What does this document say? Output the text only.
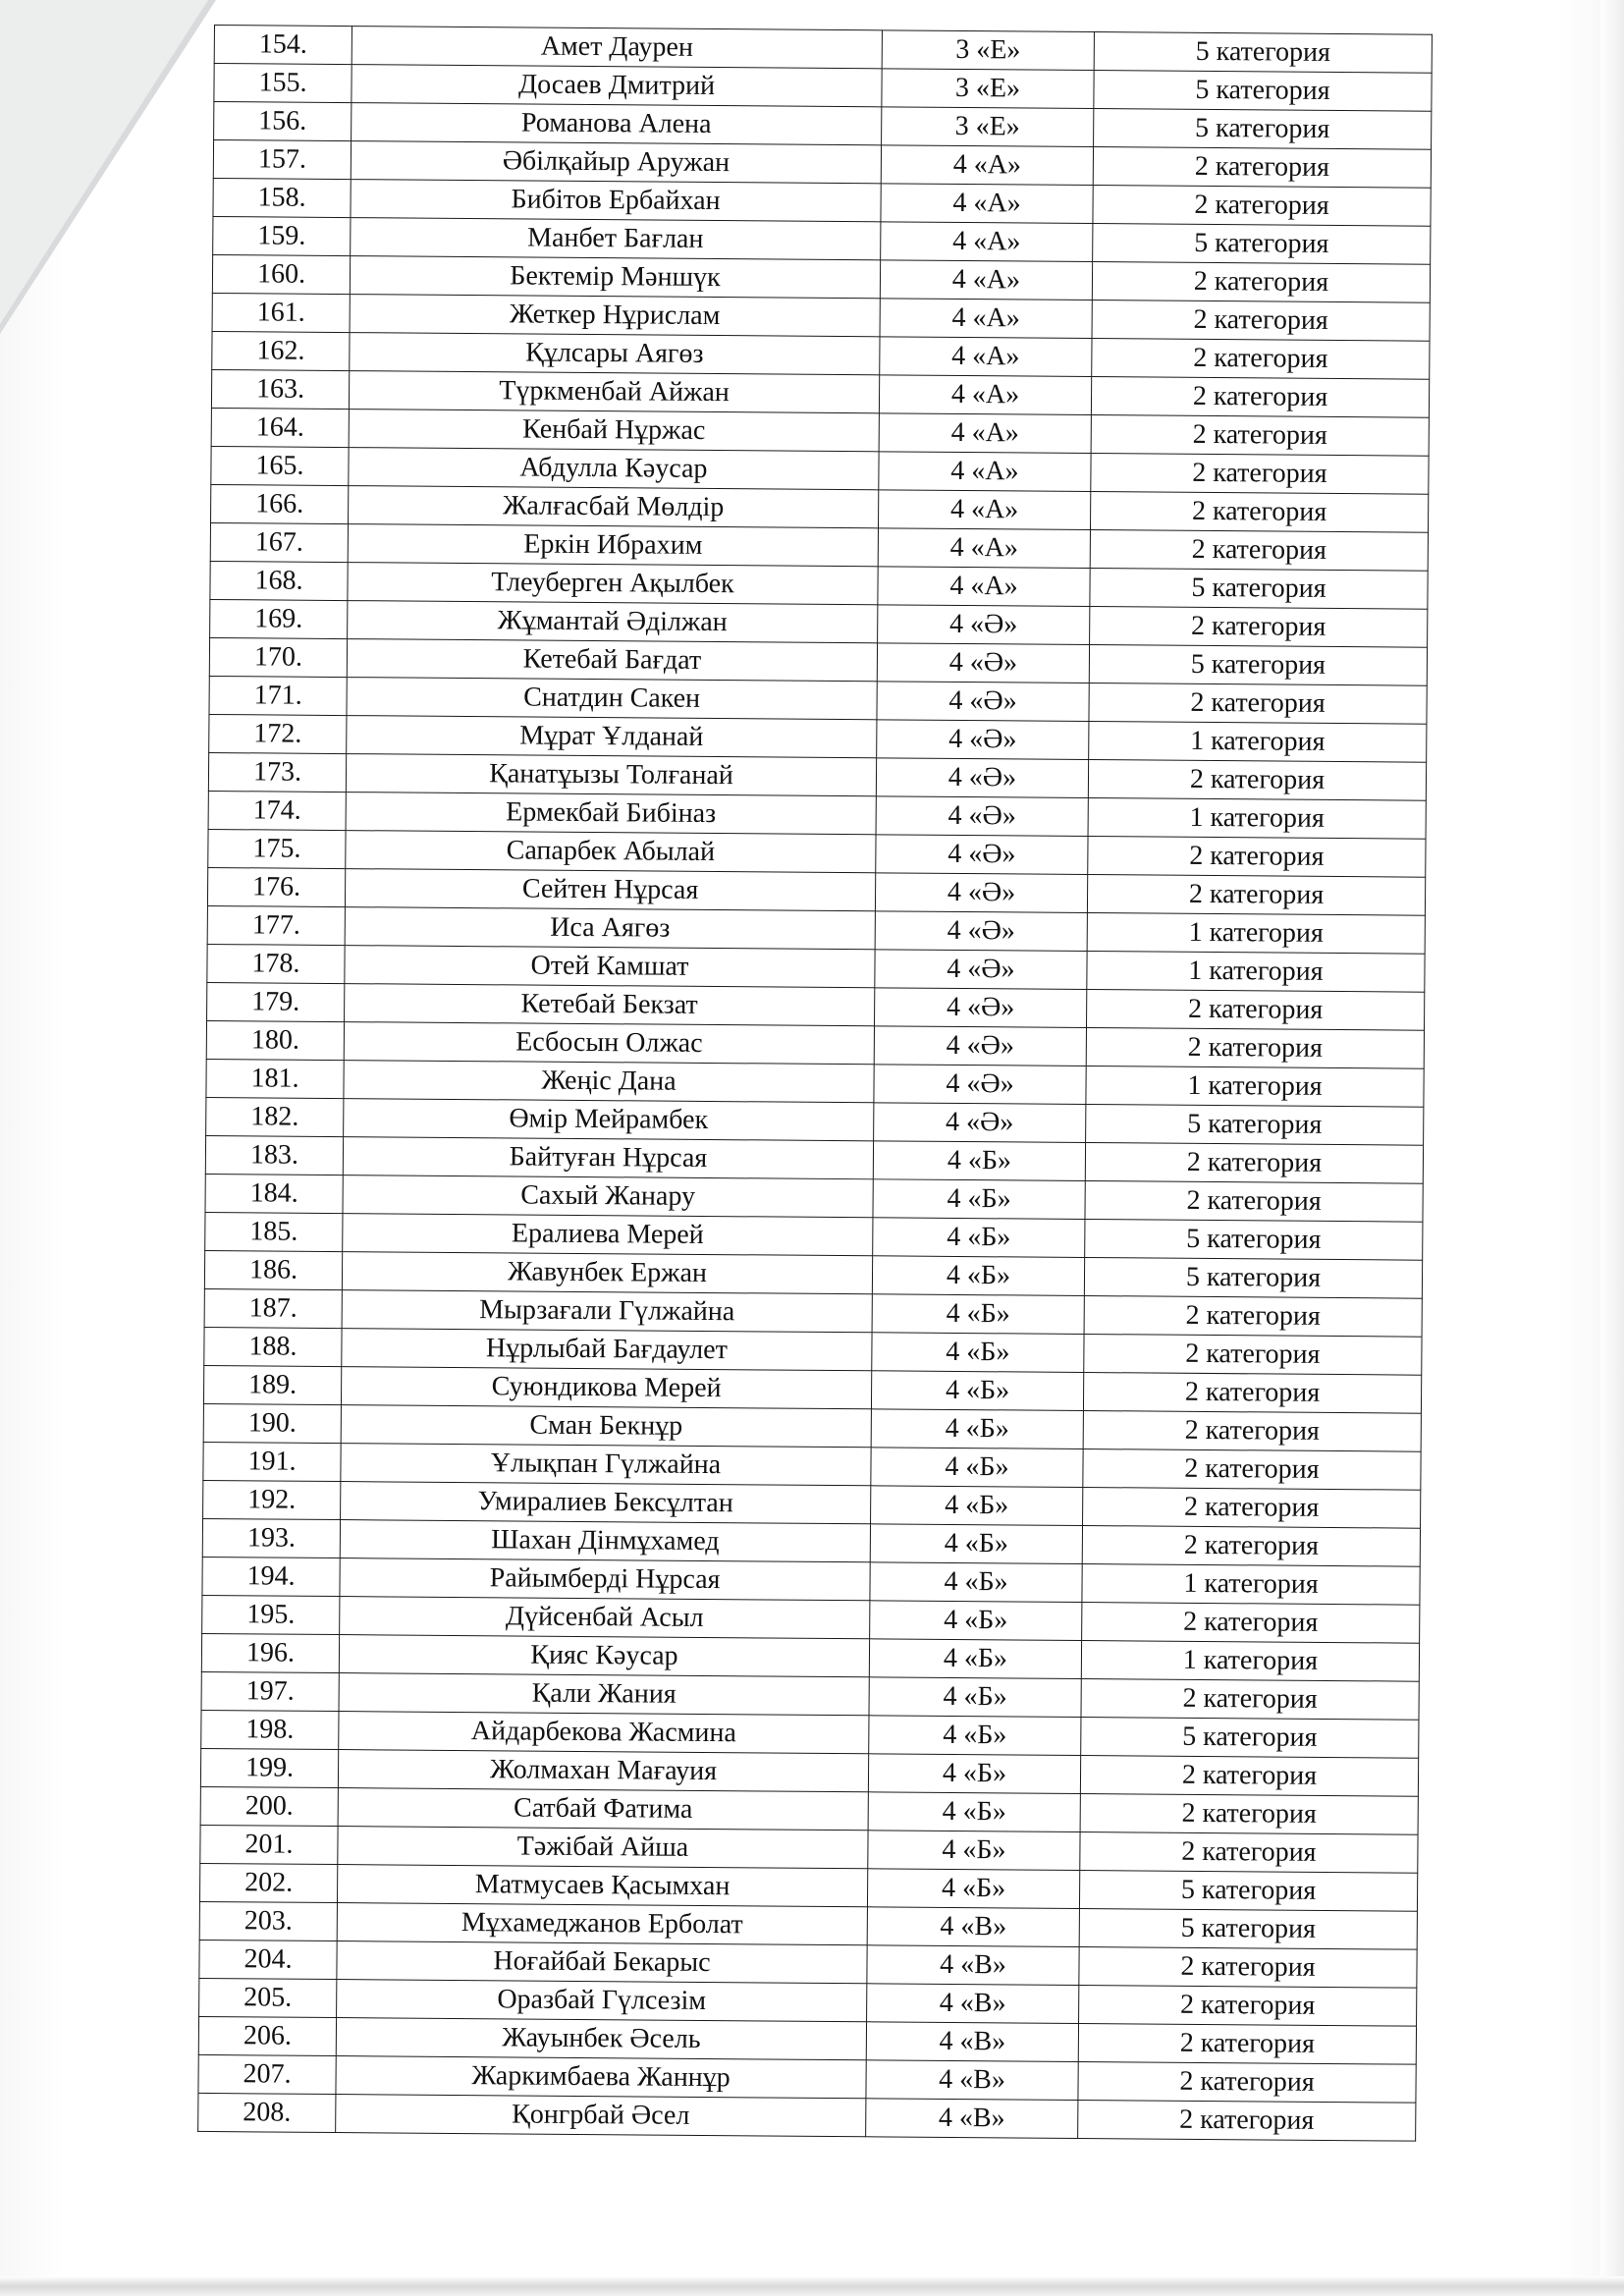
154.	Амет Даурен	3 «Е»	5 категория
155.	Досаев Дмитрий	3 «Е»	5 категория
156.	Романова Алена	3 «Е»	5 категория
157.	Әбілқайыр Аружан	4 «А»	2 категория
158.	Бибітов Ербайхан	4 «А»	2 категория
159.	Манбет Бағлан	4 «А»	5 категория
160.	Бектемір Мәншүк	4 «А»	2 категория
161.	Жеткер Нұрислам	4 «А»	2 категория
162.	Құлсары Аягөз	4 «А»	2 категория
163.	Түркменбай Айжан	4 «А»	2 категория
164.	Кенбай Нұржас	4 «А»	2 категория
165.	Абдулла Кәусар	4 «А»	2 категория
166.	Жалғасбай Мөлдір	4 «А»	2 категория
167.	Еркін Ибрахим	4 «А»	2 категория
168.	Тлеуберген Ақылбек	4 «А»	5 категория
169.	Жұмантай Әділжан	4 «Ә»	2 категория
170.	Кетебай Бағдат	4 «Ә»	5 категория
171.	Снатдин Сакен	4 «Ә»	2 категория
172.	Мұрат Ұлданай	4 «Ә»	1 категория
173.	Қанатұызы Толғанай	4 «Ә»	2 категория
174.	Ермекбай Бибіназ	4 «Ә»	1 категория
175.	Сапарбек Абылай	4 «Ә»	2 категория
176.	Сейтен Нұрсая	4 «Ә»	2 категория
177.	Иса Аягөз	4 «Ә»	1 категория
178.	Отей Камшат	4 «Ә»	1 категория
179.	Кетебай Бекзат	4 «Ә»	2 категория
180.	Есбосын Олжас	4 «Ә»	2 категория
181.	Жеңіс Дана	4 «Ә»	1 категория
182.	Өмір Мейрамбек	4 «Ә»	5 категория
183.	Байтуған Нұрсая	4 «Б»	2 категория
184.	Сахый Жанару	4 «Б»	2 категория
185.	Ералиева Мерей	4 «Б»	5 категория
186.	Жавунбек Ержан	4 «Б»	5 категория
187.	Мырзағали Гүлжайна	4 «Б»	2 категория
188.	Нұрлыбай Бағдаулет	4 «Б»	2 категория
189.	Суюндикова Мерей	4 «Б»	2 категория
190.	Сман Бекнұр	4 «Б»	2 категория
191.	Ұлықпан Гүлжайна	4 «Б»	2 категория
192.	Умиралиев Бексұлтан	4 «Б»	2 категория
193.	Шахан Дінмұхамед	4 «Б»	2 категория
194.	Райымберді Нұрсая	4 «Б»	1 категория
195.	Дүйсенбай Асыл	4 «Б»	2 категория
196.	Қияс Кәусар	4 «Б»	1 категория
197.	Қали Жания	4 «Б»	2 категория
198.	Айдарбекова Жасмина	4 «Б»	5 категория
199.	Жолмахан Мағауия	4 «Б»	2 категория
200.	Сатбай Фатима	4 «Б»	2 категория
201.	Тәжібай Айша	4 «Б»	2 категория
202.	Матмусаев Қасымхан	4 «Б»	5 категория
203.	Мұхамеджанов Ерболат	4 «В»	5 категория
204.	Ноғайбай Бекарыс	4 «В»	2 категория
205.	Оразбай Гүлсезім	4 «В»	2 категория
206.	Жауынбек Әсель	4 «В»	2 категория
207.	Жаркимбаева Жаннұр	4 «В»	2 категория
208.	Қонгрбай Әсел	4 «В»	2 категория
